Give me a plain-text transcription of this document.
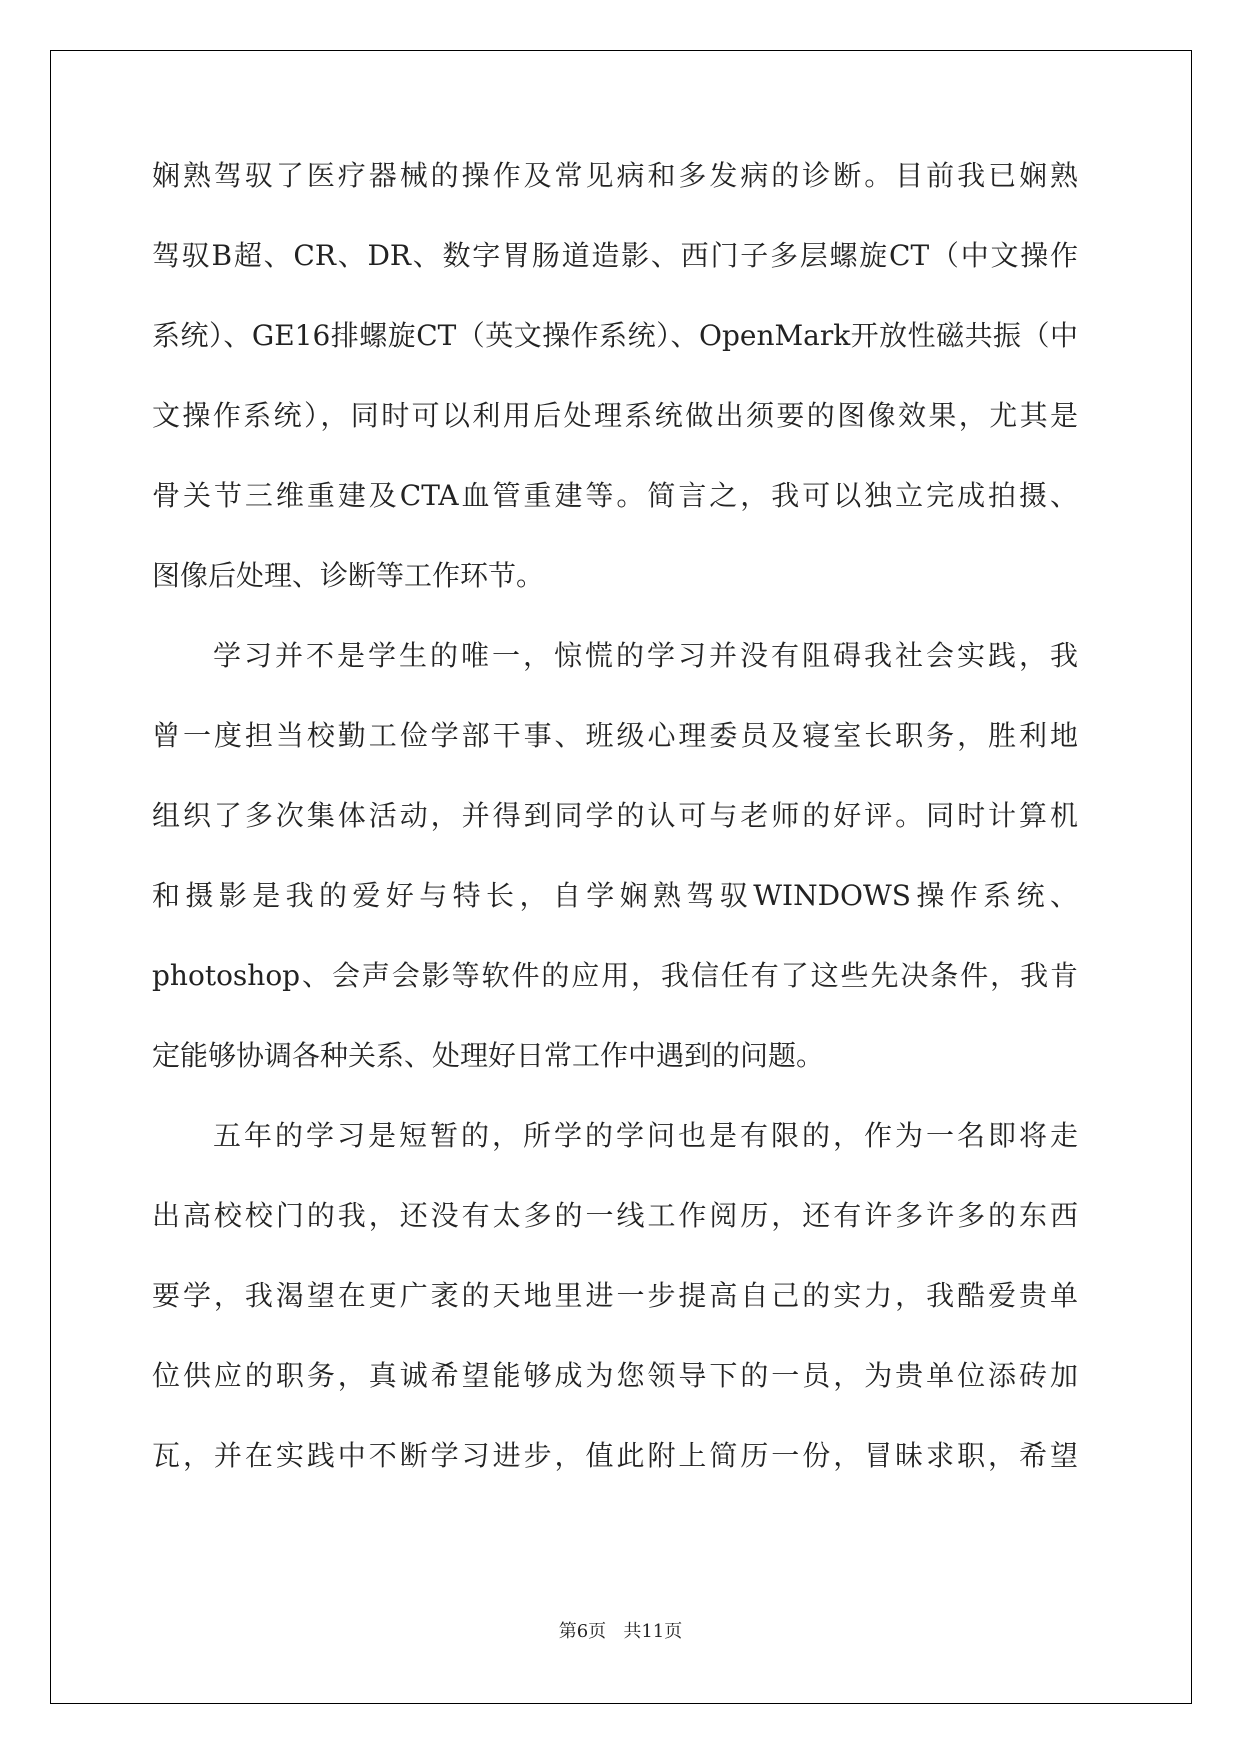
娴熟驾驭了医疗器械的操作及常见病和多发病的诊断。目前我已娴熟
驾驭B超、CR、DR、数字胃肠道造影、西门子多层螺旋CT（中文操作
系统）、GE16排螺旋CT（英文操作系统）、OpenMark开放性磁共振（中
文操作系统），同时可以利用后处理系统做出须要的图像效果，尤其是
骨关节三维重建及CTA血管重建等。简言之，我可以独立完成拍摄、
图像后处理、诊断等工作环节。
学习并不是学生的唯一，惊慌的学习并没有阻碍我社会实践，我
曾一度担当校勤工俭学部干事、班级心理委员及寝室长职务，胜利地
组织了多次集体活动，并得到同学的认可与老师的好评。同时计算机
和摄影是我的爱好与特长，自学娴熟驾驭WINDOWS操作系统、
photoshop、会声会影等软件的应用，我信任有了这些先决条件，我肯
定能够协调各种关系、处理好日常工作中遇到的问题。
五年的学习是短暂的，所学的学问也是有限的，作为一名即将走
出高校校门的我，还没有太多的一线工作阅历，还有许多许多的东西
要学，我渴望在更广袤的天地里进一步提高自己的实力，我酷爱贵单
位供应的职务，真诚希望能够成为您领导下的一员，为贵单位添砖加
瓦，并在实践中不断学习进步，值此附上简历一份，冒昧求职，希望
第6页   共11页
